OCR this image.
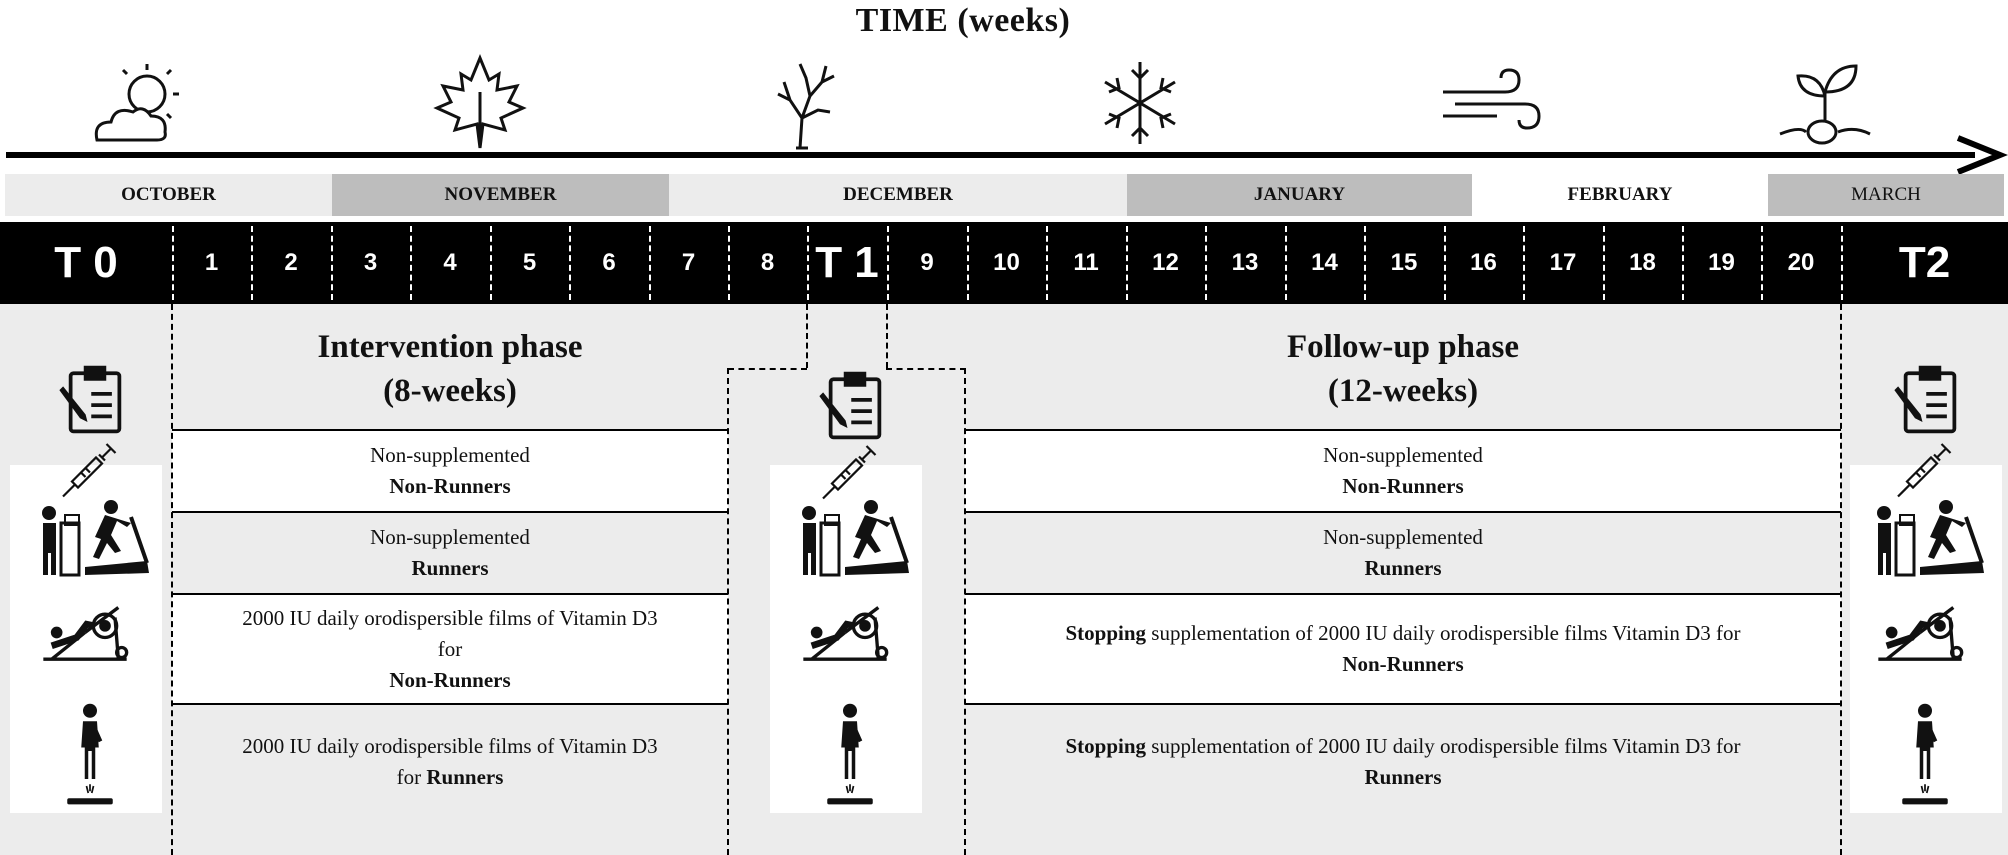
TIME (weeks)
OCTOBER	NOVEMBER	DECEMBER	JANUARY	FEBRUARY	MARCH
T 0	1	2	3	4	5	6	7	8 T 1	9	10	11	12	13	14	15	16	17	18	19	20	T2
Intervention phase
(8-weeks)
Follow-up phase
(12-weeks)
Non-supplemented
Non-Runners
Non-supplemented
Runners
2000 IU daily orodispersible films of Vitamin D3
for
Non-Runners
2000 IU daily orodispersible films of Vitamin D3
for Runners
Non-supplemented
Non-Runners
Non-supplemented
Runners
Stopping supplementation of 2000 IU daily orodispersible films Vitamin D3 for
Non-Runners
Stopping supplementation of 2000 IU daily orodispersible films Vitamin D3 for
Runners
